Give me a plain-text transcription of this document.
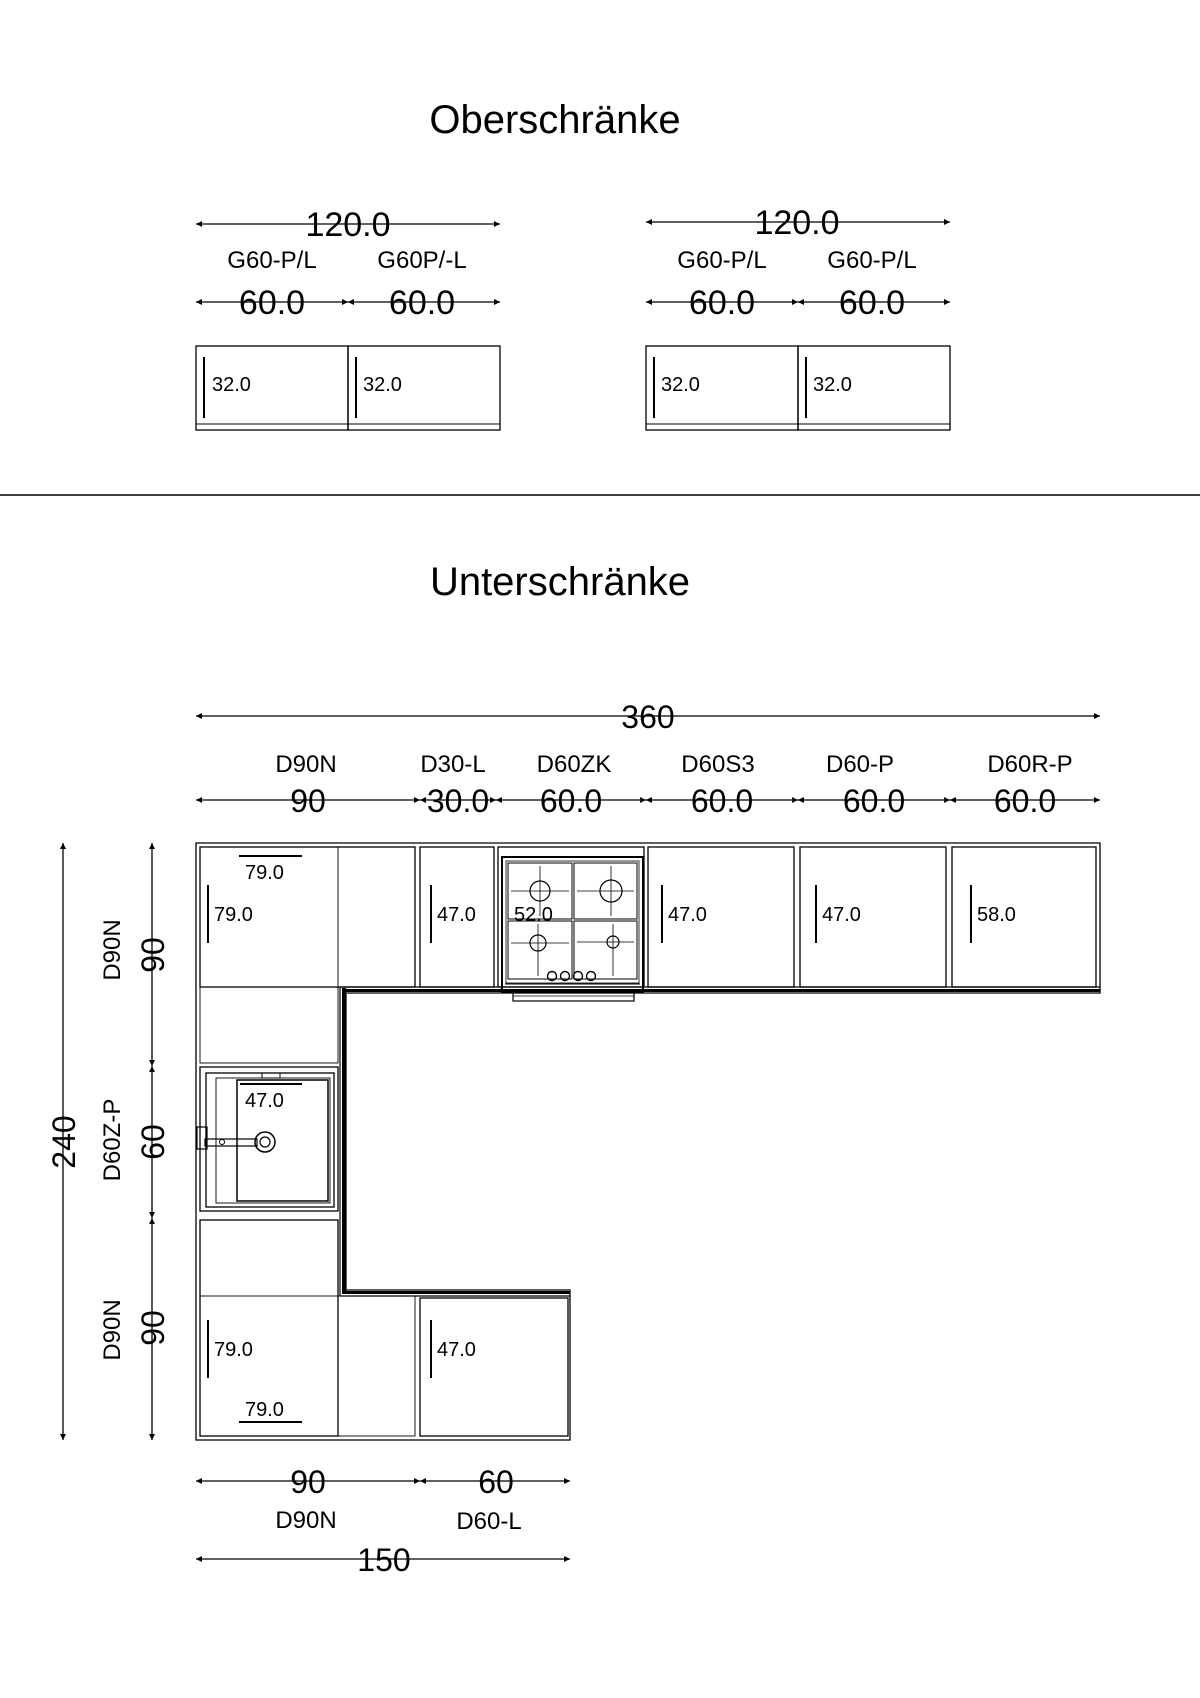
Oberschränke
120.0
G60-P/L	G60P/-L
60.0 60.0
32.0	32.0
120.0
G60-P/L	G60-P/L
60.0 60.0
32.0	32.0
Unterschränke
360
D90N	D30-L D60ZK	D60S3	D60-P	D60R-P
90	30.0 60.0	60.0	60.0	60.0
79.0
79.0	47.0 52.0	47.0	47.0	58.0
47.0
79.0
79.0
47.0
240
90
60
90
D90N
D60Z-P
D90N
90	60
D90N	D60-L
150
